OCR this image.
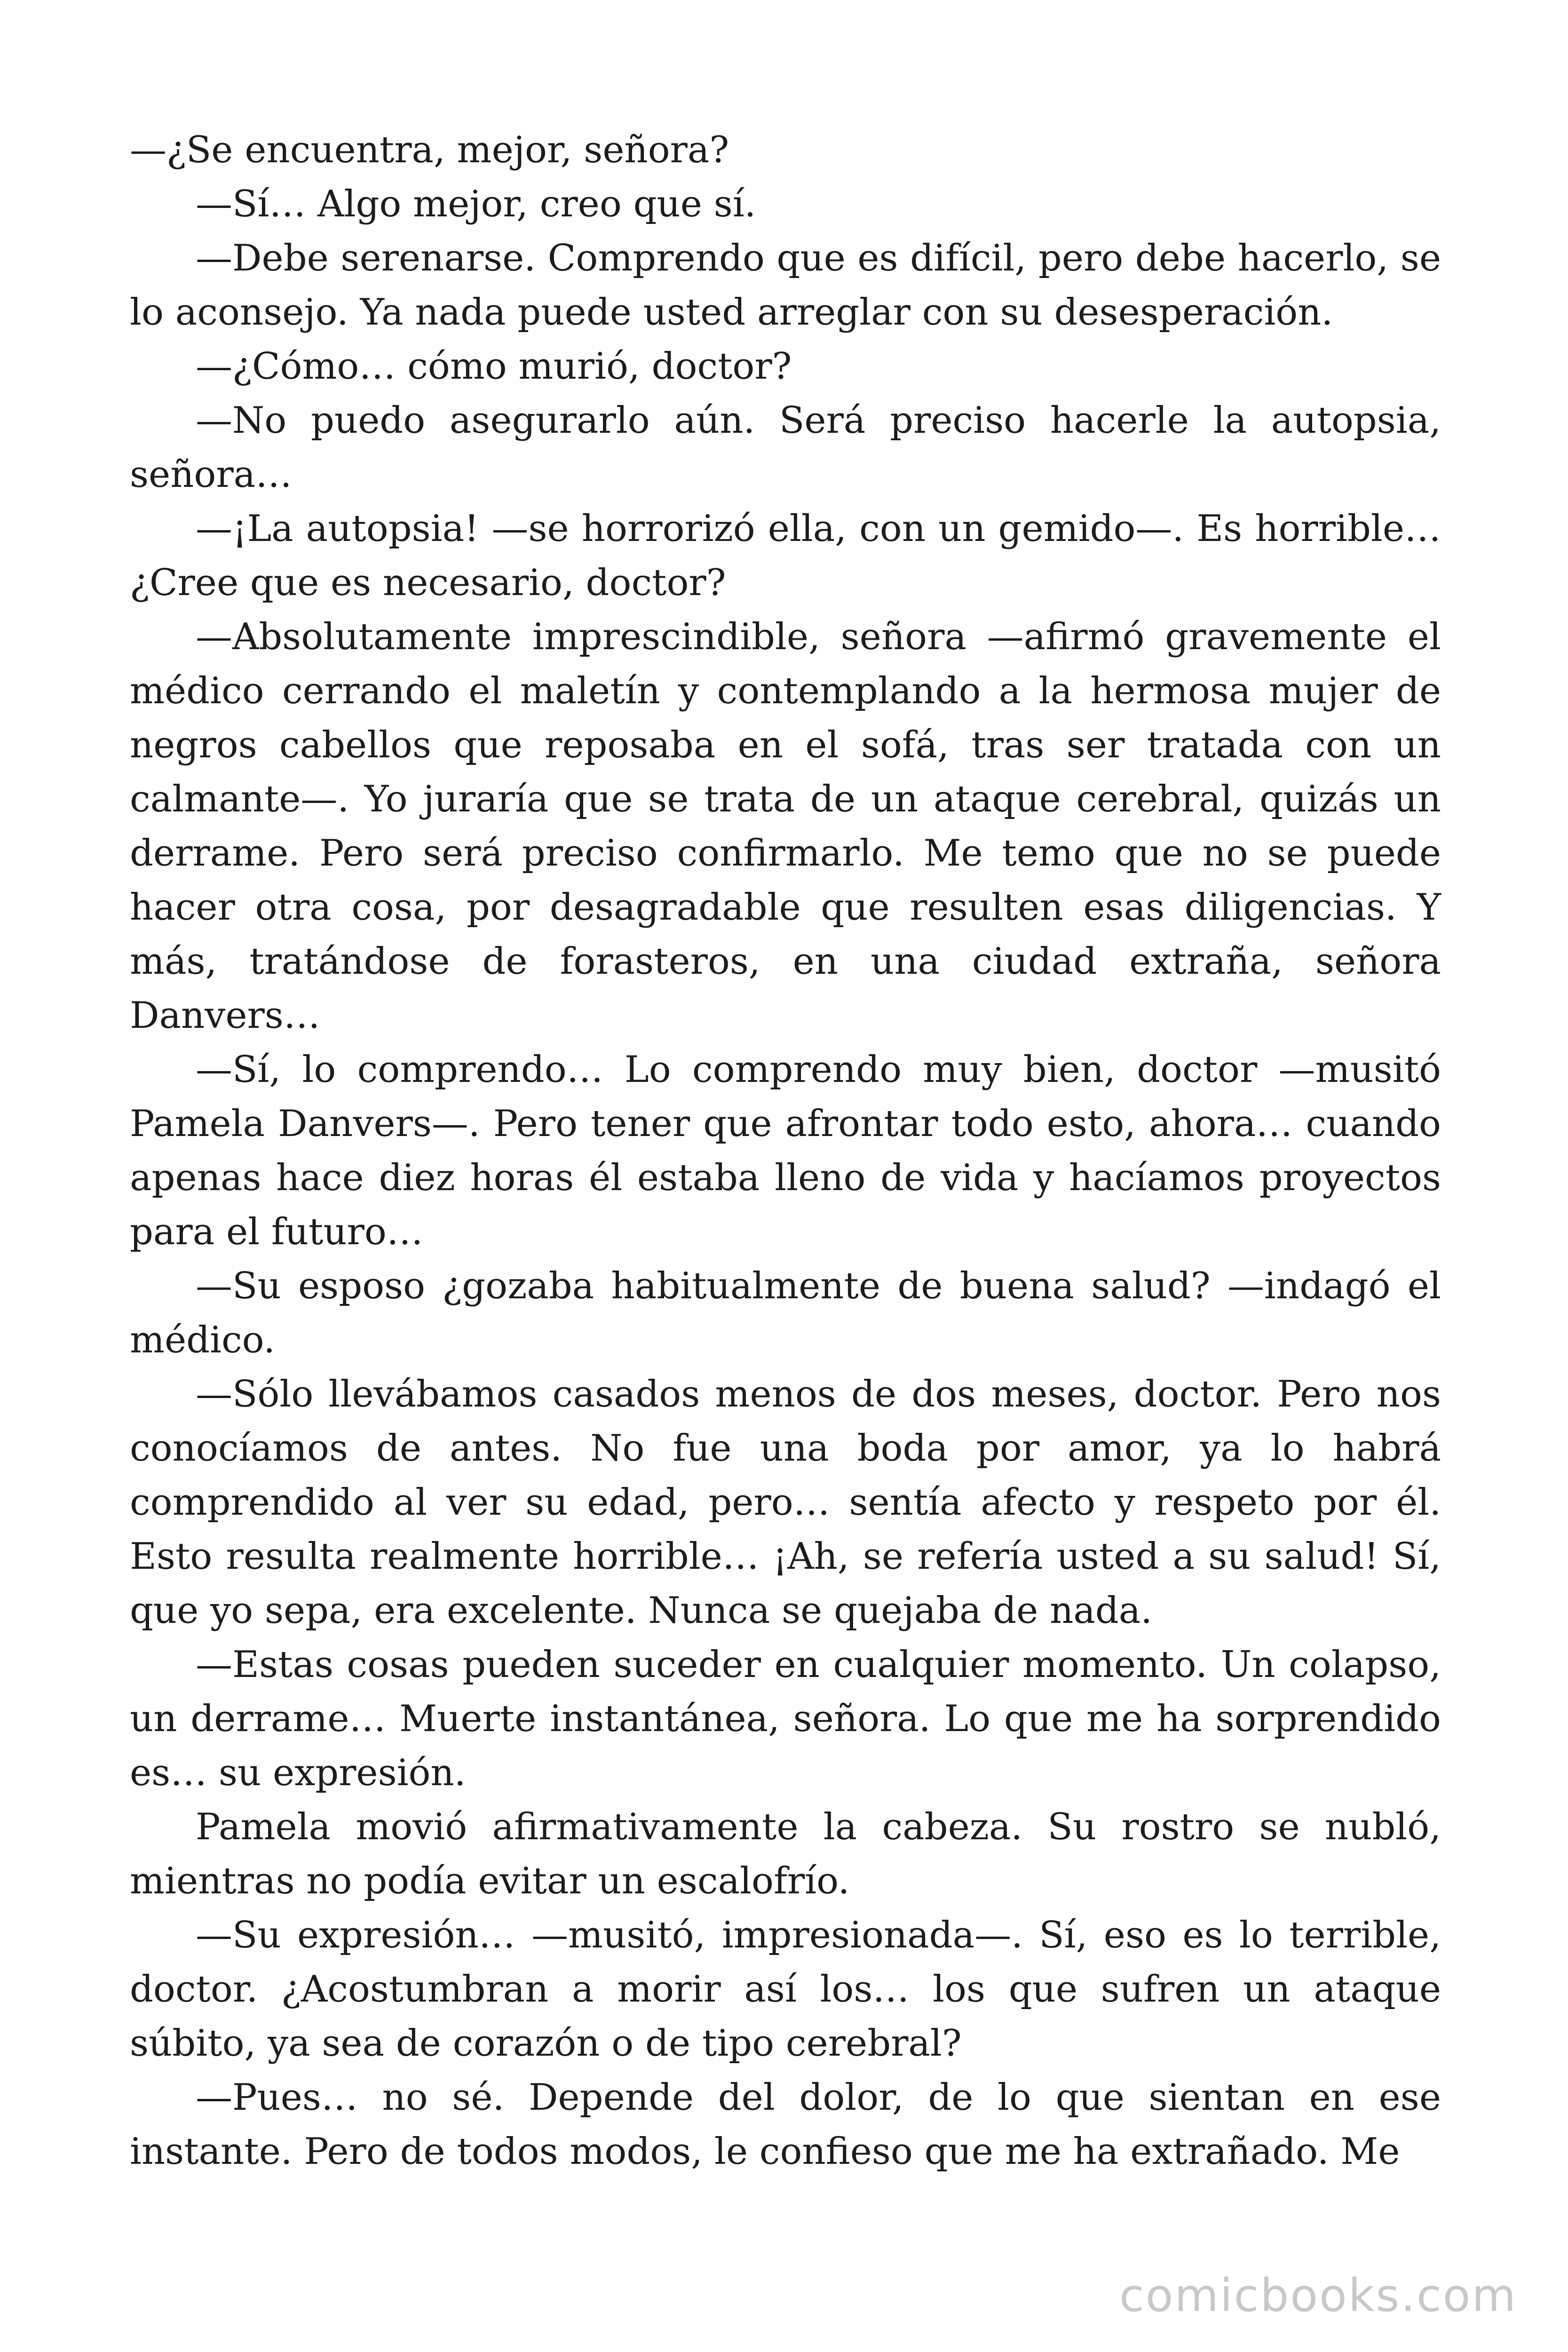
—¿Se encuentra, mejor, señora?

—Sí… Algo mejor, creo que sí.

—Debe serenarse. Comprendo que es difícil, pero debe hacerlo, se lo aconsejo. Ya nada puede usted arreglar con su desesperación.

—¿Cómo… cómo murió, doctor?

—No puedo asegurarlo aún. Será preciso hacerle la autopsia, señora…

—¡La autopsia! —se horrorizó ella, con un gemido—. Es horrible… ¿Cree que es necesario, doctor?

—Absolutamente imprescindible, señora —afirmó gravemente el médico cerrando el maletín y contemplando a la hermosa mujer de negros cabellos que reposaba en el sofá, tras ser tratada con un calmante—. Yo juraría que se trata de un ataque cerebral, quizás un derrame. Pero será preciso confirmarlo. Me temo que no se puede hacer otra cosa, por desagradable que resulten esas diligencias. Y más, tratándose de forasteros, en una ciudad extraña, señora Danvers…

—Sí, lo comprendo… Lo comprendo muy bien, doctor —musitó Pamela Danvers—. Pero tener que afrontar todo esto, ahora… cuando apenas hace diez horas él estaba lleno de vida y hacíamos proyectos para el futuro…

—Su esposo ¿gozaba habitualmente de buena salud? —indagó el médico.

—Sólo llevábamos casados menos de dos meses, doctor. Pero nos conocíamos de antes. No fue una boda por amor, ya lo habrá comprendido al ver su edad, pero… sentía afecto y respeto por él. Esto resulta realmente horrible… ¡Ah, se refería usted a su salud! Sí, que yo sepa, era excelente. Nunca se quejaba de nada.

—Estas cosas pueden suceder en cualquier momento. Un colapso, un derrame… Muerte instantánea, señora. Lo que me ha sorprendido es… su expresión.

Pamela movió afirmativamente la cabeza. Su rostro se nubló, mientras no podía evitar un escalofrío.

—Su expresión… —musitó, impresionada—. Sí, eso es lo terrible, doctor. ¿Acostumbran a morir así los… los que sufren un ataque súbito, ya sea de corazón o de tipo cerebral?

—Pues… no sé. Depende del dolor, de lo que sientan en ese instante. Pero de todos modos, le confieso que me ha extrañado. Me

comicbooks.com
